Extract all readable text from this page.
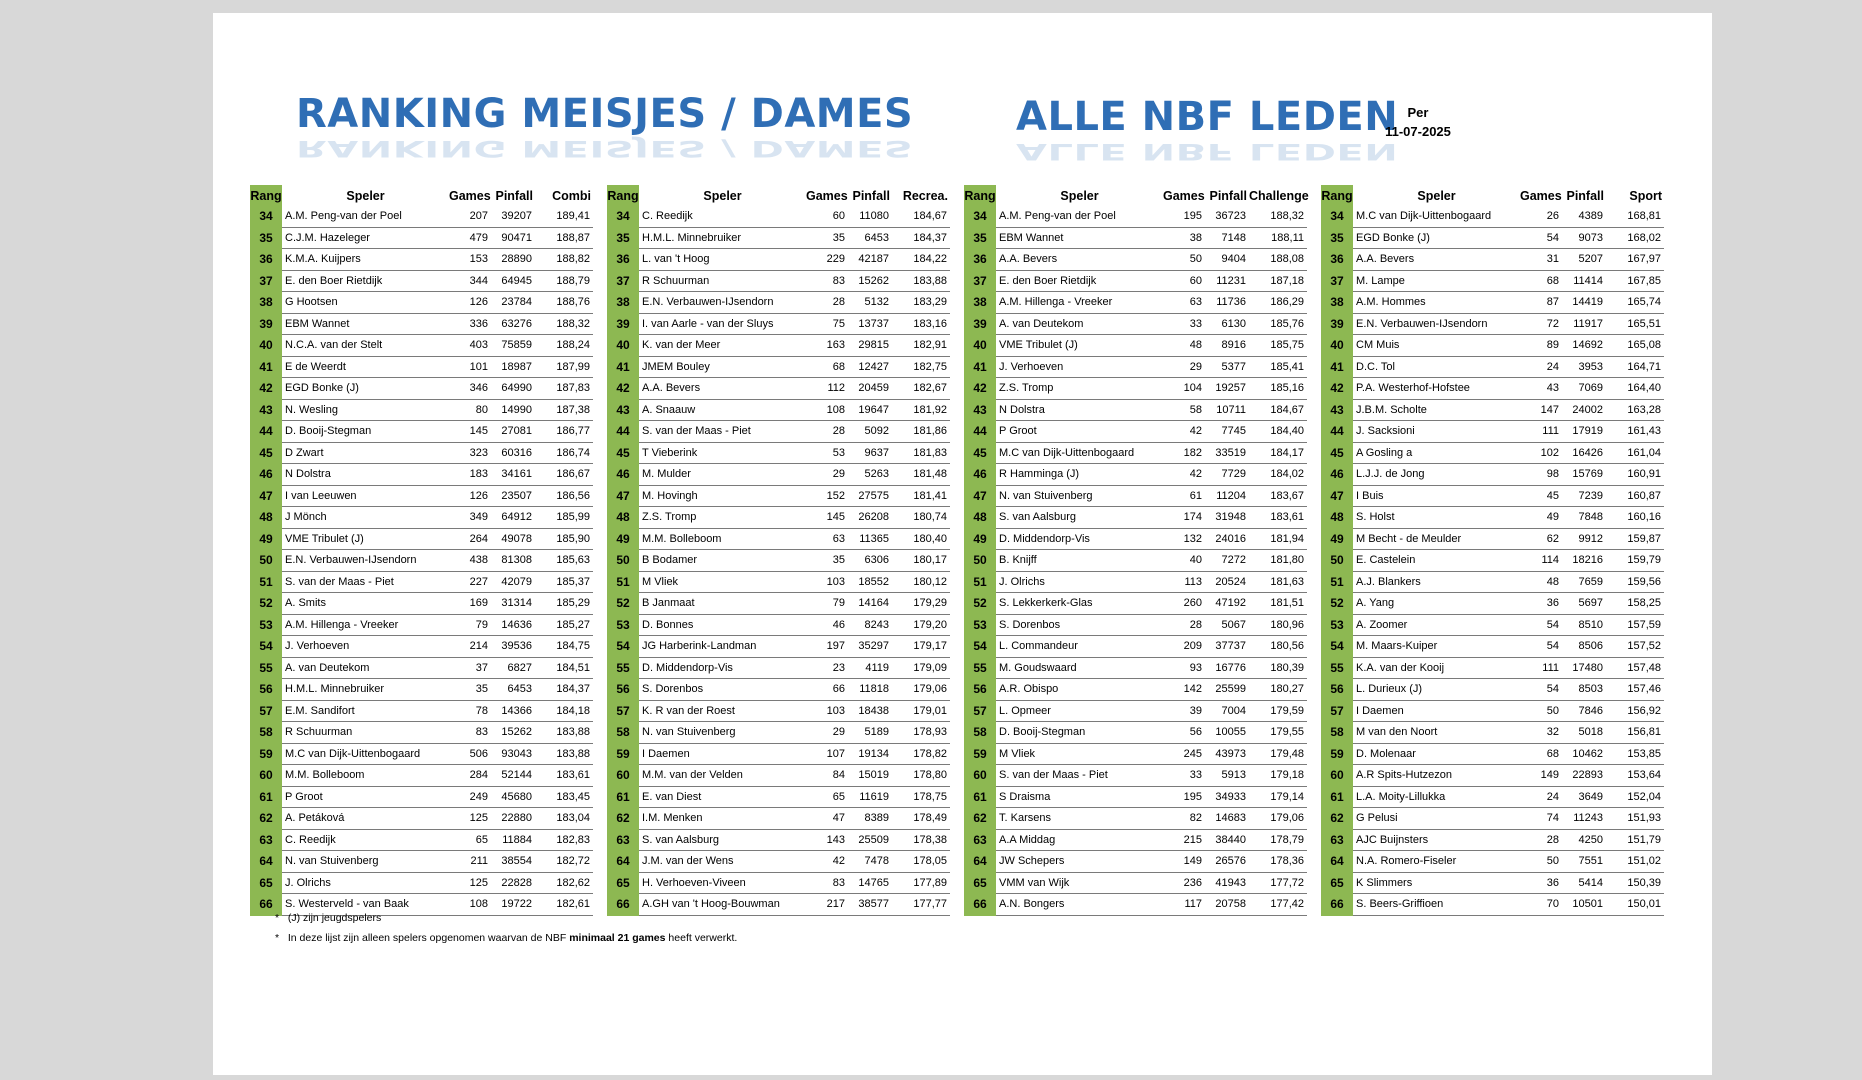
RANKING MEISJES / DAMES
RANKING MEISJES / DAMES
ALLE NBF LEDEN
ALLE NBF LEDEN
Per
11-07-2025
Rang	Speler	Games	Pinfall	Combi
34	A.M. Peng-van der Poel	207	39207	189,41
35	C.J.M. Hazeleger	479	90471	188,87
36	K.M.A. Kuijpers	153	28890	188,82
37	E. den Boer Rietdijk	344	64945	188,79
38	G Hootsen	126	23784	188,76
39	EBM Wannet	336	63276	188,32
40	N.C.A. van der Stelt	403	75859	188,24
41	E de Weerdt	101	18987	187,99
42	EGD Bonke (J)	346	64990	187,83
43	N. Wesling	80	14990	187,38
44	D. Booij-Stegman	145	27081	186,77
45	D Zwart	323	60316	186,74
46	N Dolstra	183	34161	186,67
47	I van Leeuwen	126	23507	186,56
48	J Mönch	349	64912	185,99
49	VME Tribulet (J)	264	49078	185,90
50	E.N. Verbauwen-IJsendorn	438	81308	185,63
51	S. van der Maas - Piet	227	42079	185,37
52	A. Smits	169	31314	185,29
53	A.M. Hillenga - Vreeker	79	14636	185,27
54	J. Verhoeven	214	39536	184,75
55	A. van Deutekom	37	6827	184,51
56	H.M.L. Minnebruiker	35	6453	184,37
57	E.M. Sandifort	78	14366	184,18
58	R Schuurman	83	15262	183,88
59	M.C van Dijk-Uittenbogaard	506	93043	183,88
60	M.M. Bolleboom	284	52144	183,61
61	P Groot	249	45680	183,45
62	A. Petáková	125	22880	183,04
63	C. Reedijk	65	11884	182,83
64	N. van Stuivenberg	211	38554	182,72
65	J. Olrichs	125	22828	182,62
66	S. Westerveld - van Baak	108	19722	182,61
Rang	Speler	Games	Pinfall	Recrea.
34	C. Reedijk	60	11080	184,67
35	H.M.L. Minnebruiker	35	6453	184,37
36	L. van 't Hoog	229	42187	184,22
37	R Schuurman	83	15262	183,88
38	E.N. Verbauwen-IJsendorn	28	5132	183,29
39	I. van Aarle - van der Sluys	75	13737	183,16
40	K. van der Meer	163	29815	182,91
41	JMEM Bouley	68	12427	182,75
42	A.A. Bevers	112	20459	182,67
43	A. Snaauw	108	19647	181,92
44	S. van der Maas - Piet	28	5092	181,86
45	T Vieberink	53	9637	181,83
46	M. Mulder	29	5263	181,48
47	M. Hovingh	152	27575	181,41
48	Z.S. Tromp	145	26208	180,74
49	M.M. Bolleboom	63	11365	180,40
50	B Bodamer	35	6306	180,17
51	M Vliek	103	18552	180,12
52	B Janmaat	79	14164	179,29
53	D. Bonnes	46	8243	179,20
54	JG Harberink-Landman	197	35297	179,17
55	D. Middendorp-Vis	23	4119	179,09
56	S. Dorenbos	66	11818	179,06
57	K. R van der Roest	103	18438	179,01
58	N. van Stuivenberg	29	5189	178,93
59	I Daemen	107	19134	178,82
60	M.M. van der Velden	84	15019	178,80
61	E. van Diest	65	11619	178,75
62	I.M. Menken	47	8389	178,49
63	S. van Aalsburg	143	25509	178,38
64	J.M. van der Wens	42	7478	178,05
65	H. Verhoeven-Viveen	83	14765	177,89
66	A.GH van 't Hoog-Bouwman	217	38577	177,77
Rang	Speler	Games	Pinfall	Challenge
34	A.M. Peng-van der Poel	195	36723	188,32
35	EBM Wannet	38	7148	188,11
36	A.A. Bevers	50	9404	188,08
37	E. den Boer Rietdijk	60	11231	187,18
38	A.M. Hillenga - Vreeker	63	11736	186,29
39	A. van Deutekom	33	6130	185,76
40	VME Tribulet (J)	48	8916	185,75
41	J. Verhoeven	29	5377	185,41
42	Z.S. Tromp	104	19257	185,16
43	N Dolstra	58	10711	184,67
44	P Groot	42	7745	184,40
45	M.C van Dijk-Uittenbogaard	182	33519	184,17
46	R Hamminga (J)	42	7729	184,02
47	N. van Stuivenberg	61	11204	183,67
48	S. van Aalsburg	174	31948	183,61
49	D. Middendorp-Vis	132	24016	181,94
50	B. Knijff	40	7272	181,80
51	J. Olrichs	113	20524	181,63
52	S. Lekkerkerk-Glas	260	47192	181,51
53	S. Dorenbos	28	5067	180,96
54	L. Commandeur	209	37737	180,56
55	M. Goudswaard	93	16776	180,39
56	A.R. Obispo	142	25599	180,27
57	L. Opmeer	39	7004	179,59
58	D. Booij-Stegman	56	10055	179,55
59	M Vliek	245	43973	179,48
60	S. van der Maas - Piet	33	5913	179,18
61	S Draisma	195	34933	179,14
62	T. Karsens	82	14683	179,06
63	A.A Middag	215	38440	178,79
64	JW Schepers	149	26576	178,36
65	VMM van Wijk	236	41943	177,72
66	A.N. Bongers	117	20758	177,42
Rang	Speler	Games	Pinfall	Sport
34	M.C van Dijk-Uittenbogaard	26	4389	168,81
35	EGD Bonke (J)	54	9073	168,02
36	A.A. Bevers	31	5207	167,97
37	M. Lampe	68	11414	167,85
38	A.M. Hommes	87	14419	165,74
39	E.N. Verbauwen-IJsendorn	72	11917	165,51
40	CM Muis	89	14692	165,08
41	D.C. Tol	24	3953	164,71
42	P.A. Westerhof-Hofstee	43	7069	164,40
43	J.B.M. Scholte	147	24002	163,28
44	J. Sacksioni	111	17919	161,43
45	A Gosling a	102	16426	161,04
46	L.J.J. de Jong	98	15769	160,91
47	I Buis	45	7239	160,87
48	S. Holst	49	7848	160,16
49	M Becht - de Meulder	62	9912	159,87
50	E. Castelein	114	18216	159,79
51	A.J. Blankers	48	7659	159,56
52	A. Yang	36	5697	158,25
53	A. Zoomer	54	8510	157,59
54	M. Maars-Kuiper	54	8506	157,52
55	K.A. van der Kooij	111	17480	157,48
56	L. Durieux (J)	54	8503	157,46
57	I Daemen	50	7846	156,92
58	M van den Noort	32	5018	156,81
59	D. Molenaar	68	10462	153,85
60	A.R Spits-Hutzezon	149	22893	153,64
61	L.A. Moity-Lillukka	24	3649	152,04
62	G Pelusi	74	11243	151,93
63	AJC Buijnsters	28	4250	151,79
64	N.A. Romero-Fiseler	50	7551	151,02
65	K Slimmers	36	5414	150,39
66	S. Beers-Griffioen	70	10501	150,01
* (J) zijn jeugdspelers
* In deze lijst zijn alleen spelers opgenomen waarvan de NBF minimaal 21 games heeft verwerkt.
